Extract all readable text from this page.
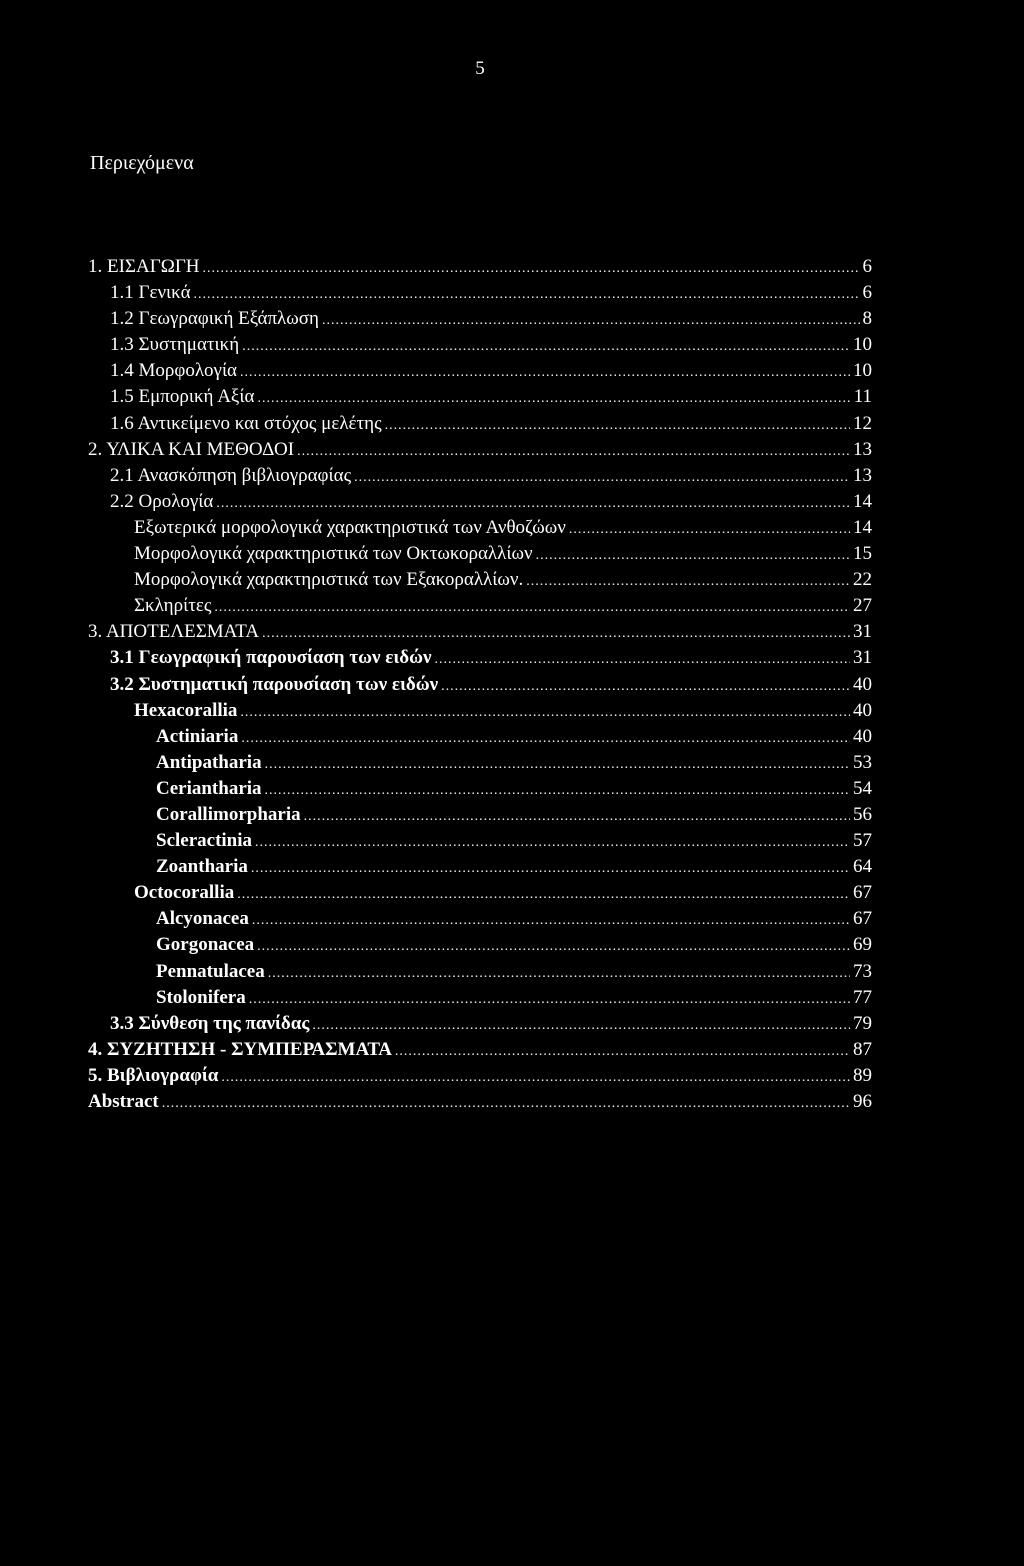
5
Περιεχόμενα
1. ΕΙΣΑΓΩΓΗ .....	6
1.1 Γενικά .....	6
1.2 Γεωγραφική Εξάπλωση .....	8
1.3 Συστηματική .....	10
1.4 Μορφολογία .....	10
1.5 Εμπορική Αξία .....	11
1.6 Αντικείμενο και στόχος μελέτης .....	12
2. ΥΛΙΚΑ ΚΑΙ ΜΕΘΟΔΟΙ .....	13
2.1 Ανασκόπηση βιβλιογραφίας .....	13
2.2 Ορολογία .....	14
Εξωτερικά μορφολογικά χαρακτηριστικά των Ανθοζώων .....	14
Μορφολογικά χαρακτηριστικά των Οκτωκοραλλίων .....	15
Μορφολογικά χαρακτηριστικά των Εξακοραλλίων. .....	22
Σκληρίτες .....	27
3. ΑΠΟΤΕΛΕΣΜΑΤΑ .....	31
3.1 Γεωγραφική παρουσίαση των ειδών .....	31
3.2 Συστηματική παρουσίαση των ειδών .....	40
Hexacorallia .....	40
Actiniaria .....	40
Antipatharia .....	53
Ceriantharia .....	54
Corallimorpharia .....	56
Scleractinia .....	57
Zoantharia .....	64
Octocorallia .....	67
Alcyonacea .....	67
Gorgonacea .....	69
Pennatulacea .....	73
Stolonifera .....	77
3.3 Σύνθεση της πανίδας .....	79
4. ΣΥΖΗΤΗΣΗ - ΣΥΜΠΕΡΑΣΜΑΤΑ .....	87
5. Βιβλιογραφία .....	89
Abstract .....	96
